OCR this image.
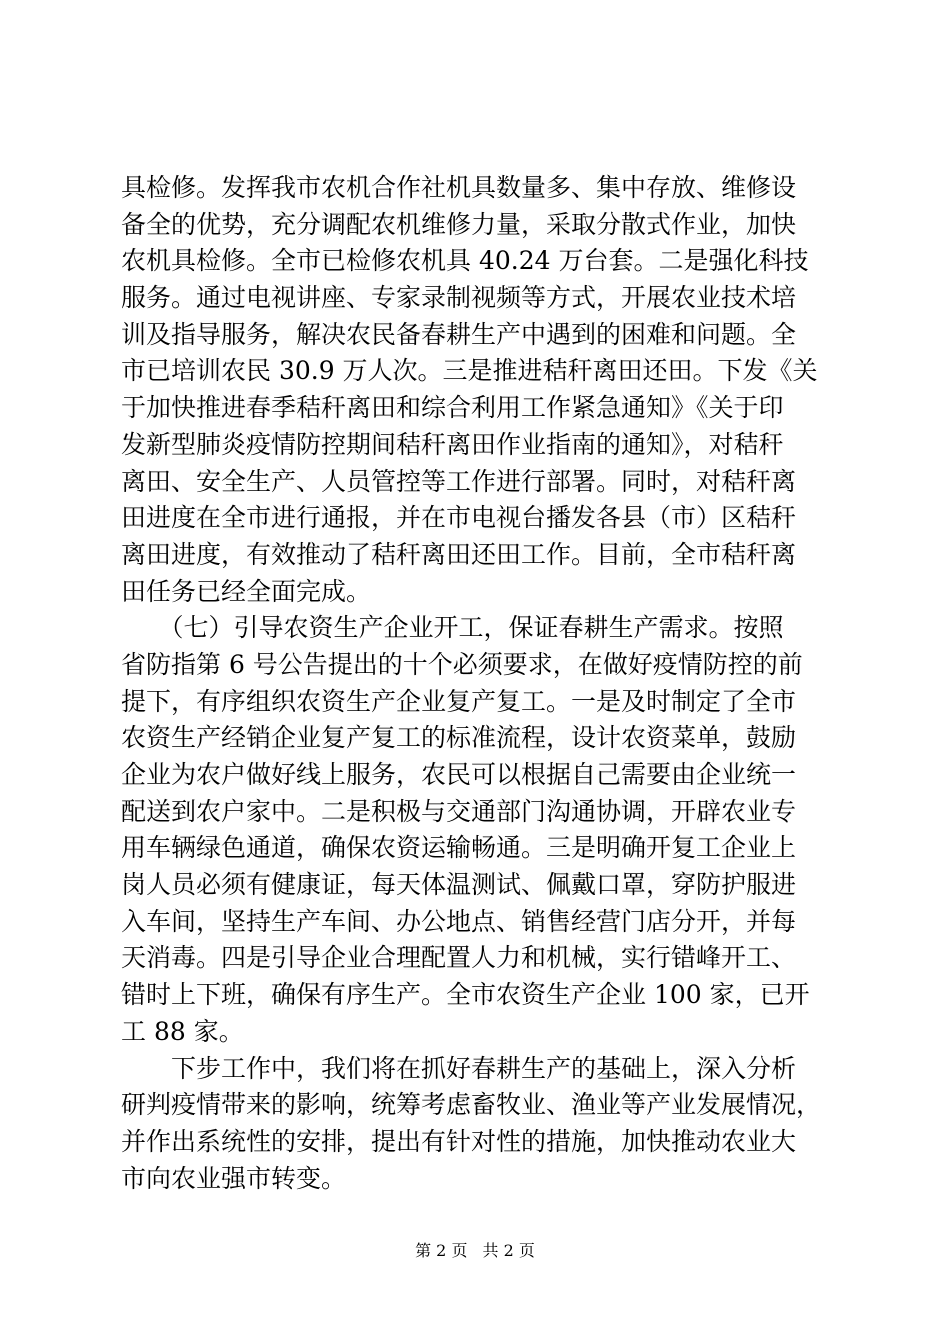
具检修。发挥我市农机合作社机具数量多、集中存放、维修设
备全的优势，充分调配农机维修力量，采取分散式作业，加快
农机具检修。全市已检修农机具 40.24 万台套。二是强化科技
服务。通过电视讲座、专家录制视频等方式，开展农业技术培
训及指导服务，解决农民备春耕生产中遇到的困难和问题。全
市已培训农民 30.9 万人次。三是推进秸秆离田还田。下发《关
于加快推进春季秸秆离田和综合利用工作紧急通知》《关于印
发新型肺炎疫情防控期间秸秆离田作业指南的通知》，对秸秆
离田、安全生产、人员管控等工作进行部署。同时，对秸秆离
田进度在全市进行通报，并在市电视台播发各县（市）区秸秆
离田进度，有效推动了秸秆离田还田工作。目前，全市秸秆离
田任务已经全面完成。
　　（七）引导农资生产企业开工，保证春耕生产需求。按照
省防指第 6 号公告提出的十个必须要求，在做好疫情防控的前
提下，有序组织农资生产企业复产复工。一是及时制定了全市
农资生产经销企业复产复工的标准流程，设计农资菜单，鼓励
企业为农户做好线上服务，农民可以根据自己需要由企业统一
配送到农户家中。二是积极与交通部门沟通协调，开辟农业专
用车辆绿色通道，确保农资运输畅通。三是明确开复工企业上
岗人员必须有健康证，每天体温测试、佩戴口罩，穿防护服进
入车间，坚持生产车间、办公地点、销售经营门店分开，并每
天消毒。四是引导企业合理配置人力和机械，实行错峰开工、
错时上下班，确保有序生产。全市农资生产企业 100 家，已开
工 88 家。
　　下步工作中，我们将在抓好春耕生产的基础上，深入分析
研判疫情带来的影响，统筹考虑畜牧业、渔业等产业发展情况，
并作出系统性的安排，提出有针对性的措施，加快推动农业大
市向农业强市转变。
第 2 页 共 2 页
